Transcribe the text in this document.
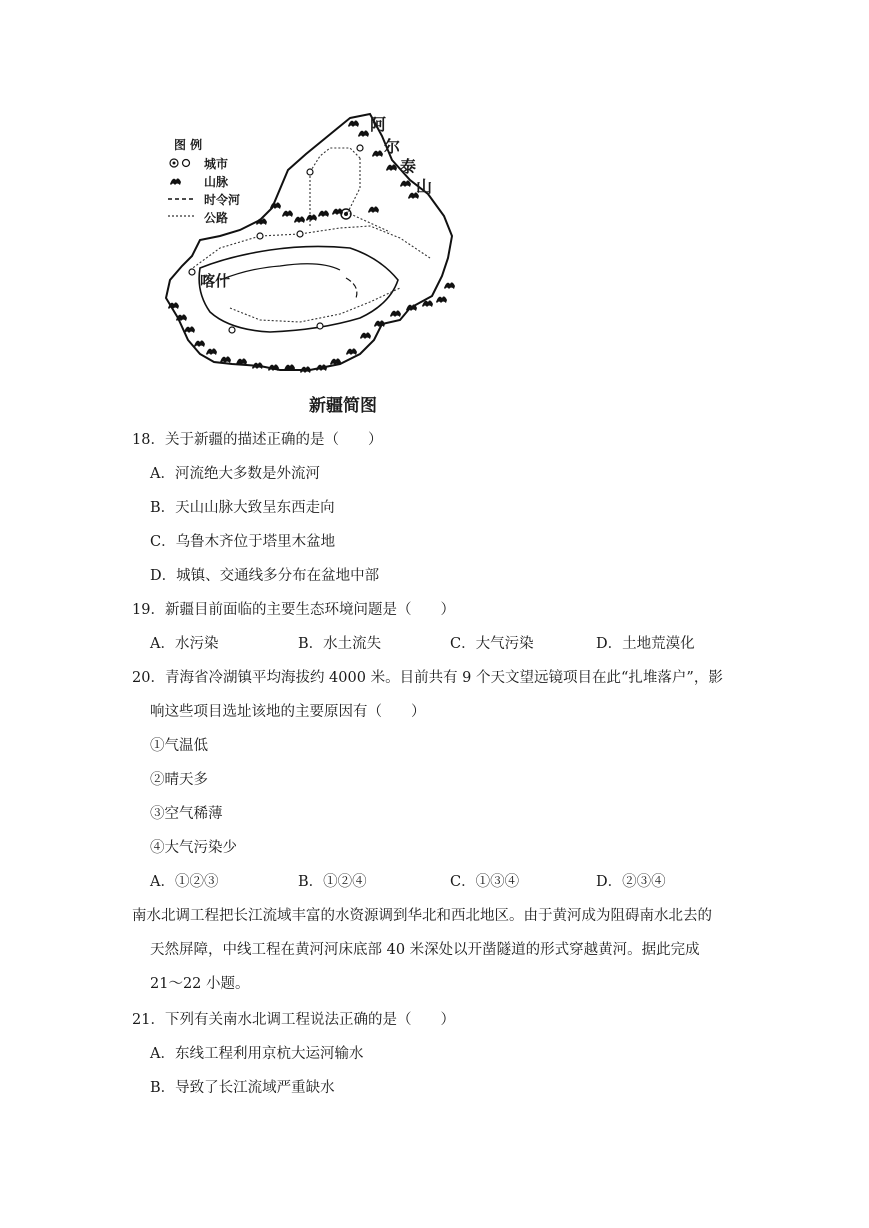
图 例
城市
山脉
时令河
公路
阿
尔
泰
山
喀什
新疆简图
18．关于新疆的描述正确的是（　　）
A．河流绝大多数是外流河
B．天山山脉大致呈东西走向
C．乌鲁木齐位于塔里木盆地
D．城镇、交通线多分布在盆地中部
19．新疆目前面临的主要生态环境问题是（　　）
A．水污染	B．水土流失	C．大气污染	D．土地荒漠化
20．青海省冷湖镇平均海拔约 4000 米。目前共有 9 个天文望远镜项目在此“扎堆落户”，影
响这些项目选址该地的主要原因有（　　）
①气温低
②晴天多
③空气稀薄
④大气污染少
A．①②③	B．①②④	C．①③④	D．②③④
南水北调工程把长江流域丰富的水资源调到华北和西北地区。由于黄河成为阻碍南水北去的
天然屏障，中线工程在黄河河床底部 40 米深处以开凿隧道的形式穿越黄河。据此完成
21～22 小题。
21．下列有关南水北调工程说法正确的是（　　）
A．东线工程利用京杭大运河输水
B．导致了长江流域严重缺水
